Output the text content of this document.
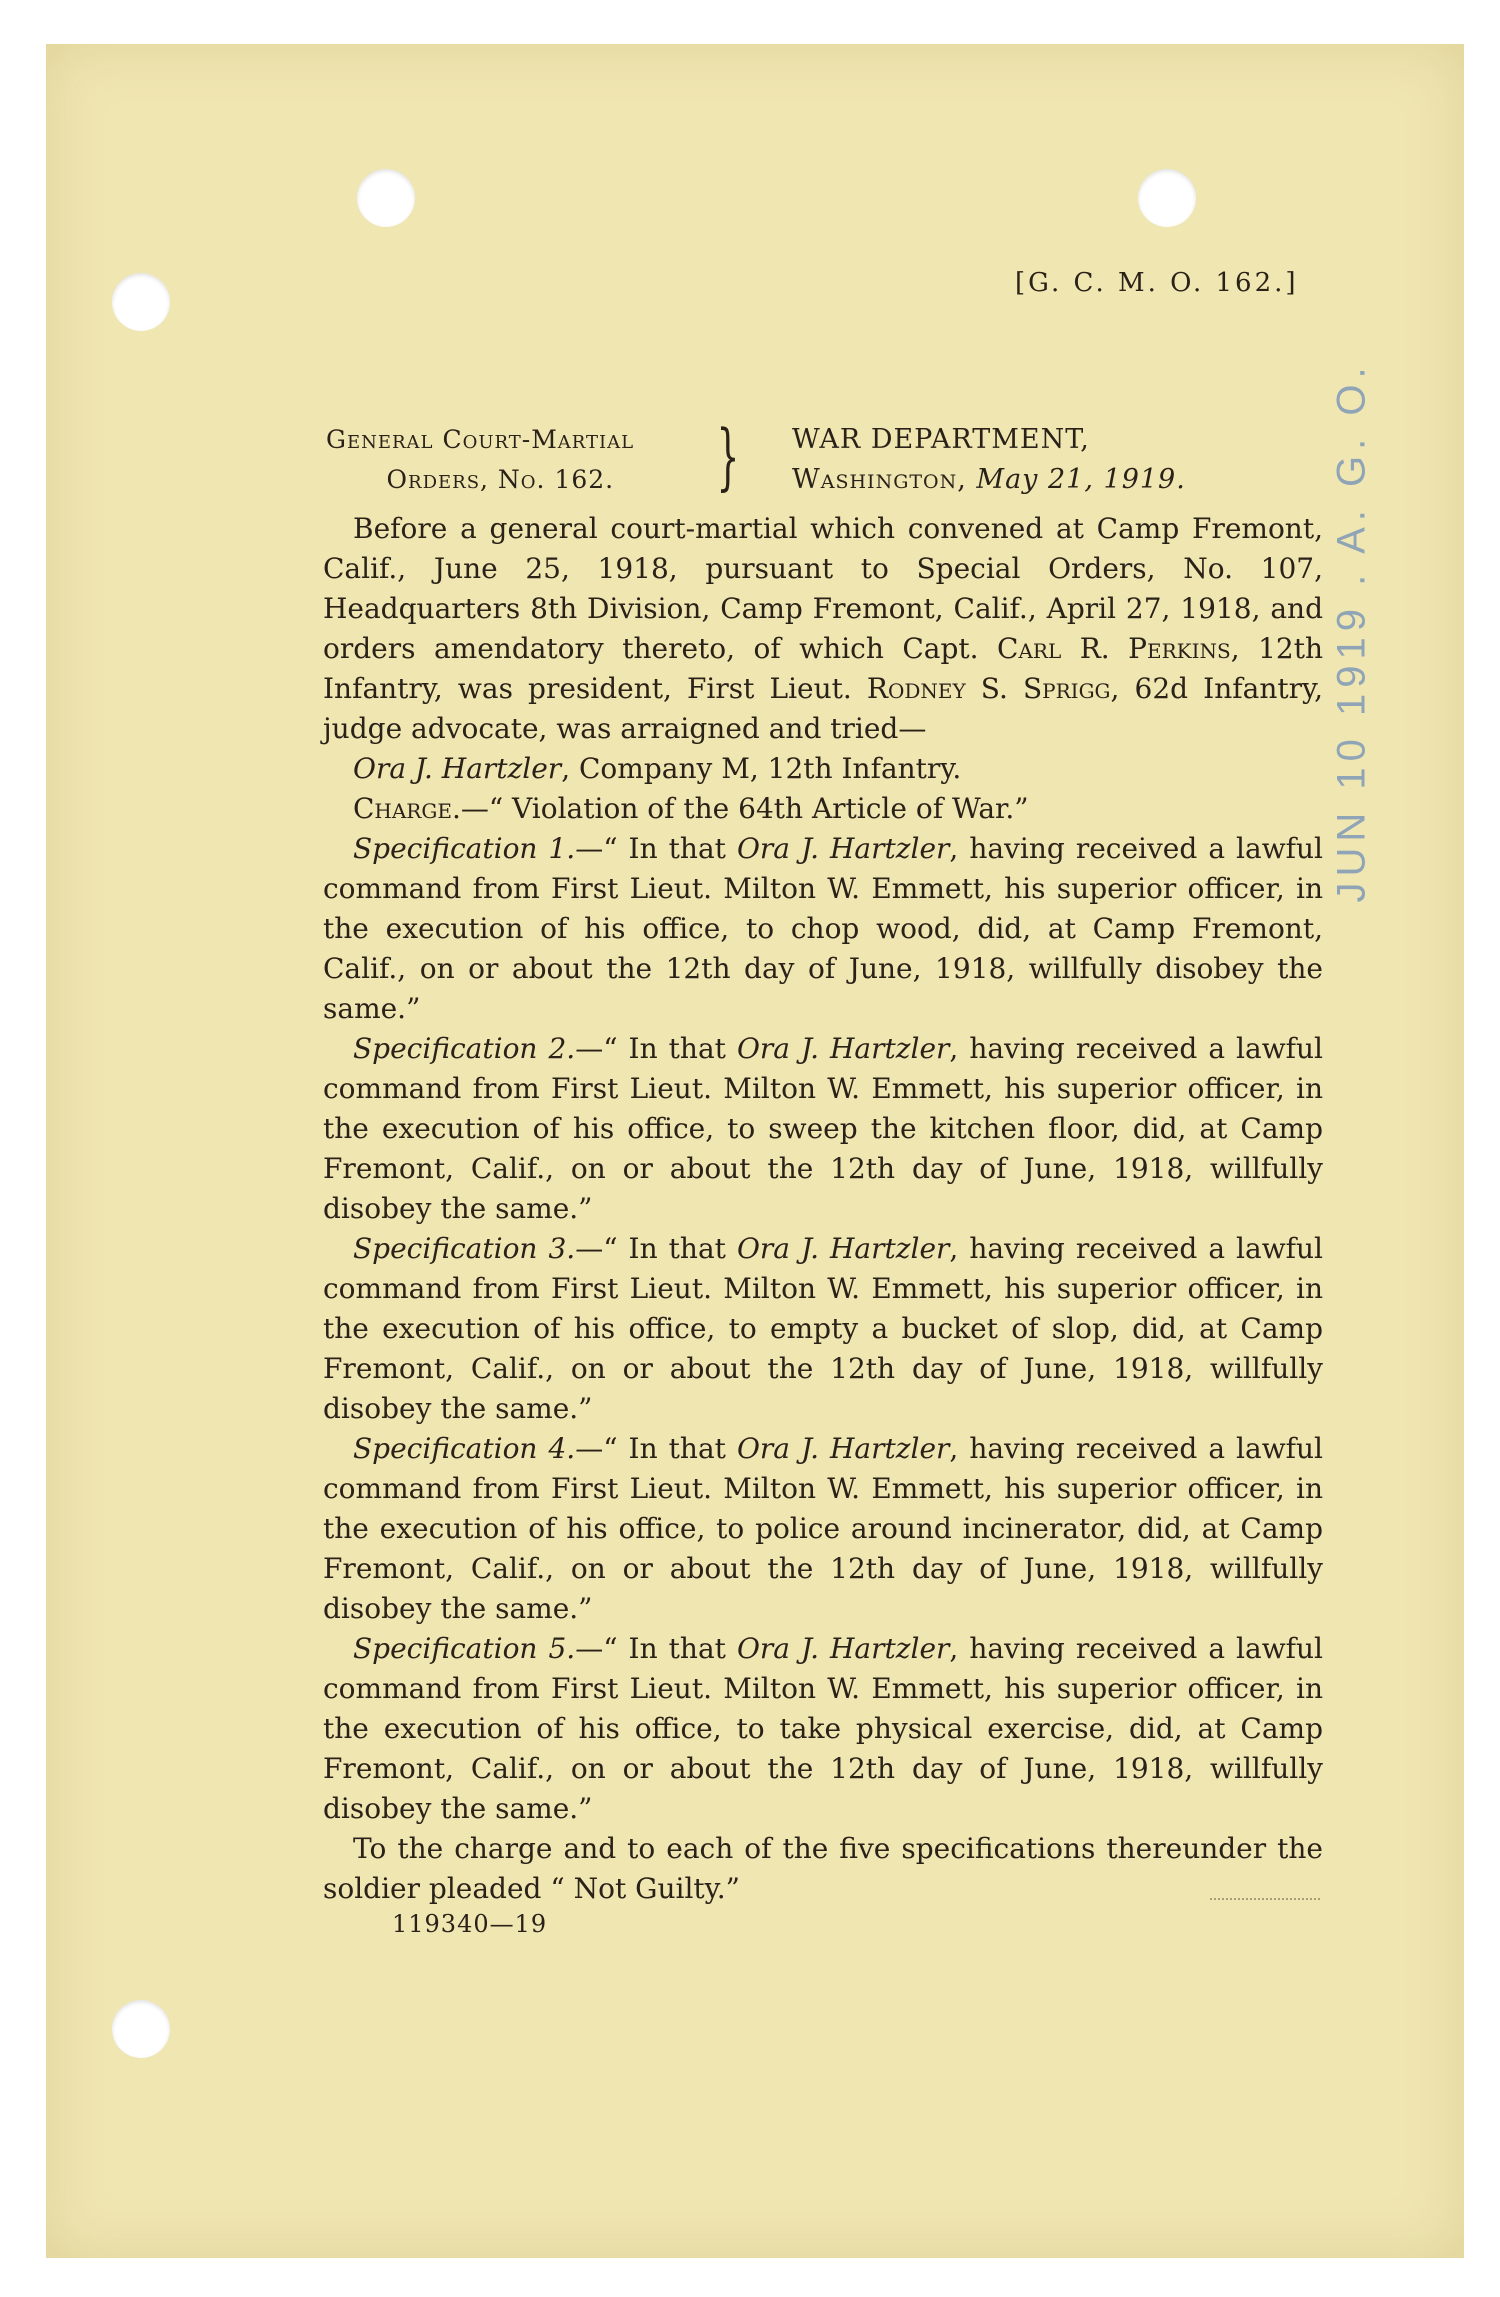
[G. C. M. O. 162.]
General Court-Martial

Orders, No. 162. } WAR DEPARTMENT,
Washington, May 21, 1919.

Before a general court-martial which convened at Camp Fremont, Calif., June 25, 1918, pursuant to Special Orders, No. 107, Headquarters 8th Division, Camp Fremont, Calif., April 27, 1918, and orders amendatory thereto, of which Capt. Carl R. Perkins, 12th Infantry, was president, First Lieut. Rodney S. Sprigg, 62d Infantry, judge advocate, was arraigned and tried—

Ora J. Hartzler, Company M, 12th Infantry.

Charge.—“ Violation of the 64th Article of War.”

Specification 1.—“ In that Ora J. Hartzler, having received a lawful command from First Lieut. Milton W. Emmett, his superior officer, in the execution of his office, to chop wood, did, at Camp Fremont, Calif., on or about the 12th day of June, 1918, willfully disobey the same.”

Specification 2.—“ In that Ora J. Hartzler, having received a lawful command from First Lieut. Milton W. Emmett, his superior officer, in the execution of his office, to sweep the kitchen floor, did, at Camp Fremont, Calif., on or about the 12th day of June, 1918, willfully disobey the same.”

Specification 3.—“ In that Ora J. Hartzler, having received a lawful command from First Lieut. Milton W. Emmett, his superior officer, in the execution of his office, to empty a bucket of slop, did, at Camp Fremont, Calif., on or about the 12th day of June, 1918, willfully disobey the same.”

Specification 4.—“ In that Ora J. Hartzler, having received a lawful command from First Lieut. Milton W. Emmett, his superior officer, in the execution of his office, to police around incinerator, did, at Camp Fremont, Calif., on or about the 12th day of June, 1918, willfully disobey the same.”

Specification 5.—“ In that Ora J. Hartzler, having received a lawful command from First Lieut. Milton W. Emmett, his superior officer, in the execution of his office, to take physical exercise, did, at Camp Fremont, Calif., on or about the 12th day of June, 1918, willfully disobey the same.”

To the charge and to each of the five specifications thereunder the soldier pleaded “ Not Guilty.”

119340—19
JUN 10 1919 . A. G. O.
